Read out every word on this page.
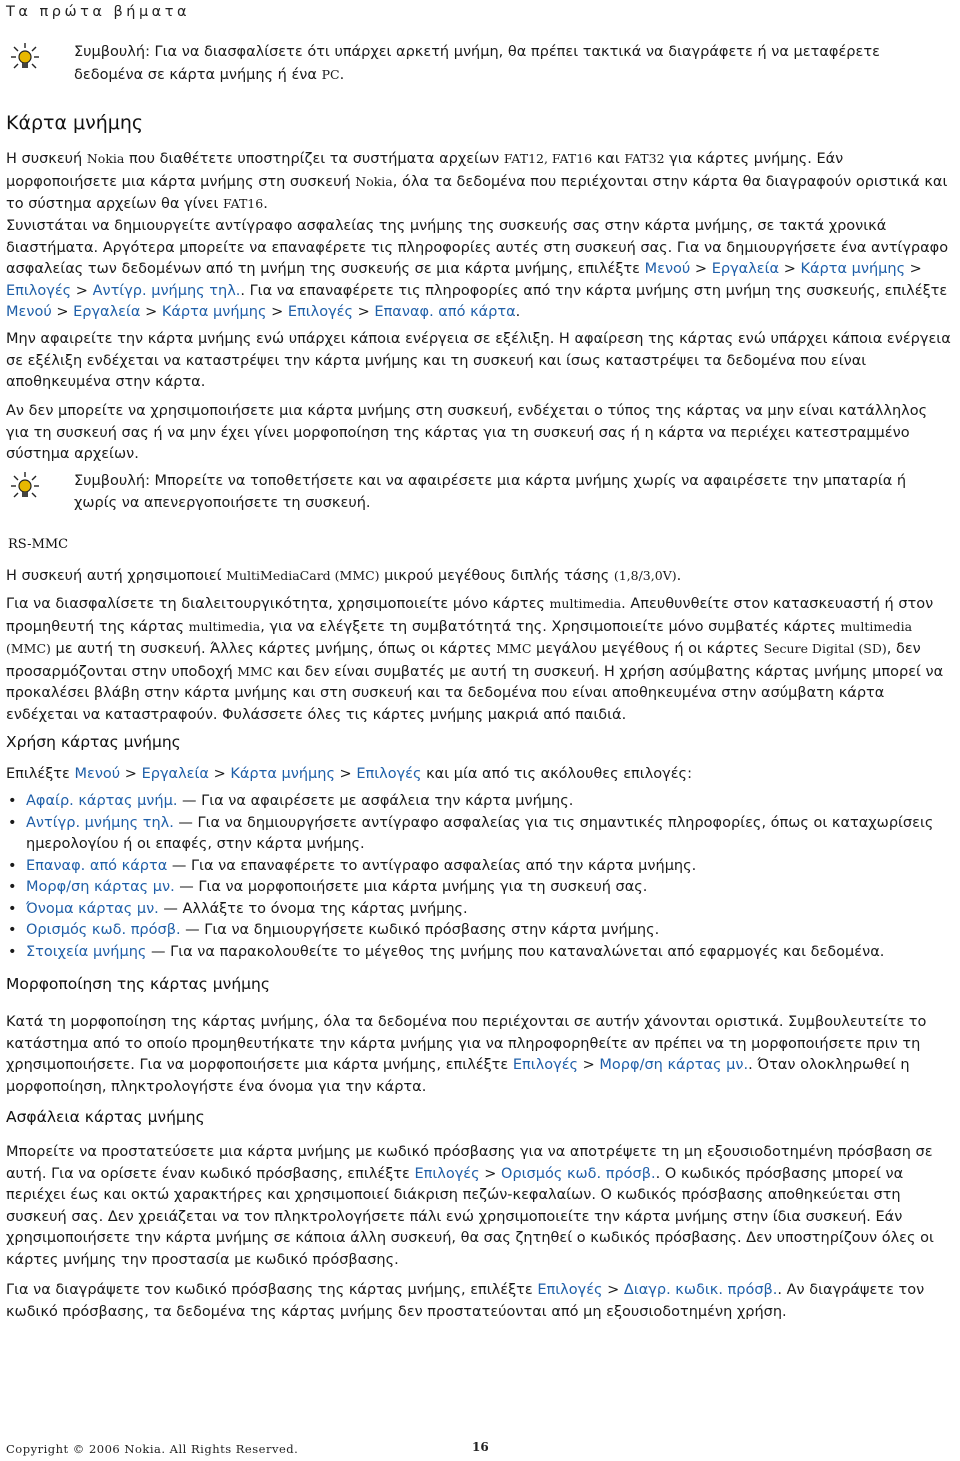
Τα πρώτα βήματα

Συμβουλή: Για να διασφαλίσετε ότι υπάρχει αρκετή μνήμη, θα πρέπει τακτικά να διαγράφετε ή να μεταφέρετε δεδομένα σε κάρτα μνήμης ή ένα PC.

Κάρτα μνήμης

Η συσκευή Nokia που διαθέτετε υποστηρίζει τα συστήματα αρχείων FAT12, FAT16 και FAT32 για κάρτες μνήμης. Εάν μορφοποιήσετε μια κάρτα μνήμης στη συσκευή Nokia, όλα τα δεδομένα που περιέχονται στην κάρτα θα διαγραφούν οριστικά και το σύστημα αρχείων θα γίνει FAT16.

Συνιστάται να δημιουργείτε αντίγραφο ασφαλείας της μνήμης της συσκευής σας στην κάρτα μνήμης, σε τακτά χρονικά διαστήματα. Αργότερα μπορείτε να επαναφέρετε τις πληροφορίες αυτές στη συσκευή σας. Για να δημιουργήσετε ένα αντίγραφο ασφαλείας των δεδομένων από τη μνήμη της συσκευής σε μια κάρτα μνήμης, επιλέξτε Μενού > Εργαλεία > Κάρτα μνήμης > Επιλογές > Αντίγρ. μνήμης τηλ.. Για να επαναφέρετε τις πληροφορίες από την κάρτα μνήμης στη μνήμη της συσκευής, επιλέξτε Μενού > Εργαλεία > Κάρτα μνήμης > Επιλογές > Επαναφ. από κάρτα.

Μην αφαιρείτε την κάρτα μνήμης ενώ υπάρχει κάποια ενέργεια σε εξέλιξη. Η αφαίρεση της κάρτας ενώ υπάρχει κάποια ενέργεια σε εξέλιξη ενδέχεται να καταστρέψει την κάρτα μνήμης και τη συσκευή και ίσως καταστρέψει τα δεδομένα που είναι αποθηκευμένα στην κάρτα.

Αν δεν μπορείτε να χρησιμοποιήσετε μια κάρτα μνήμης στη συσκευή, ενδέχεται ο τύπος της κάρτας να μην είναι κατάλληλος για τη συσκευή σας ή να μην έχει γίνει μορφοποίηση της κάρτας για τη συσκευή σας ή η κάρτα να περιέχει κατεστραμμένο σύστημα αρχείων.

Συμβουλή: Μπορείτε να τοποθετήσετε και να αφαιρέσετε μια κάρτα μνήμης χωρίς να αφαιρέσετε την μπαταρία ή χωρίς να απενεργοποιήσετε τη συσκευή.

RS-MMC

Η συσκευή αυτή χρησιμοποιεί MultiMediaCard (MMC) μικρού μεγέθους διπλής τάσης (1,8/3,0V).

Για να διασφαλίσετε τη διαλειτουργικότητα, χρησιμοποιείτε μόνο κάρτες multimedia. Απευθυνθείτε στον κατασκευαστή ή στον προμηθευτή της κάρτας multimedia, για να ελέγξετε τη συμβατότητά της. Χρησιμοποιείτε μόνο συμβατές κάρτες multimedia (MMC) με αυτή τη συσκευή. Άλλες κάρτες μνήμης, όπως οι κάρτες MMC μεγάλου μεγέθους ή οι κάρτες Secure Digital (SD), δεν προσαρμόζονται στην υποδοχή MMC και δεν είναι συμβατές με αυτή τη συσκευή. Η χρήση ασύμβατης κάρτας μνήμης μπορεί να προκαλέσει βλάβη στην κάρτα μνήμης και στη συσκευή και τα δεδομένα που είναι αποθηκευμένα στην ασύμβατη κάρτα ενδέχεται να καταστραφούν. Φυλάσσετε όλες τις κάρτες μνήμης μακριά από παιδιά.

Χρήση κάρτας μνήμης

Επιλέξτε Μενού > Εργαλεία > Κάρτα μνήμης > Επιλογές και μία από τις ακόλουθες επιλογές:

• Αφαίρ. κάρτας μνήμ. — Για να αφαιρέσετε με ασφάλεια την κάρτα μνήμης.
• Αντίγρ. μνήμης τηλ. — Για να δημιουργήσετε αντίγραφο ασφαλείας για τις σημαντικές πληροφορίες, όπως οι καταχωρίσεις ημερολογίου ή οι επαφές, στην κάρτα μνήμης.
• Επαναφ. από κάρτα — Για να επαναφέρετε το αντίγραφο ασφαλείας από την κάρτα μνήμης.
• Μορφ/ση κάρτας μν. — Για να μορφοποιήσετε μια κάρτα μνήμης για τη συσκευή σας.
• Όνομα κάρτας μν. — Αλλάξτε το όνομα της κάρτας μνήμης.
• Ορισμός κωδ. πρόσβ. — Για να δημιουργήσετε κωδικό πρόσβασης στην κάρτα μνήμης.
• Στοιχεία μνήμης — Για να παρακολουθείτε το μέγεθος της μνήμης που καταναλώνεται από εφαρμογές και δεδομένα.
Μορφοποίηση της κάρτας μνήμης

Κατά τη μορφοποίηση της κάρτας μνήμης, όλα τα δεδομένα που περιέχονται σε αυτήν χάνονται οριστικά. Συμβουλευτείτε το κατάστημα από το οποίο προμηθευτήκατε την κάρτα μνήμης για να πληροφορηθείτε αν πρέπει να τη μορφοποιήσετε πριν τη χρησιμοποιήσετε. Για να μορφοποιήσετε μια κάρτα μνήμης, επιλέξτε Επιλογές > Μορφ/ση κάρτας μν.. Όταν ολοκληρωθεί η μορφοποίηση, πληκτρολογήστε ένα όνομα για την κάρτα.

Ασφάλεια κάρτας μνήμης

Μπορείτε να προστατεύσετε μια κάρτα μνήμης με κωδικό πρόσβασης για να αποτρέψετε τη μη εξουσιοδοτημένη πρόσβαση σε αυτή. Για να ορίσετε έναν κωδικό πρόσβασης, επιλέξτε Επιλογές > Ορισμός κωδ. πρόσβ.. Ο κωδικός πρόσβασης μπορεί να περιέχει έως και οκτώ χαρακτήρες και χρησιμοποιεί διάκριση πεζών-κεφαλαίων. Ο κωδικός πρόσβασης αποθηκεύεται στη συσκευή σας. Δεν χρειάζεται να τον πληκτρολογήσετε πάλι ενώ χρησιμοποιείτε την κάρτα μνήμης στην ίδια συσκευή. Εάν χρησιμοποιήσετε την κάρτα μνήμης σε κάποια άλλη συσκευή, θα σας ζητηθεί ο κωδικός πρόσβασης. Δεν υποστηρίζουν όλες οι κάρτες μνήμης την προστασία με κωδικό πρόσβασης.

Για να διαγράψετε τον κωδικό πρόσβασης της κάρτας μνήμης, επιλέξτε Επιλογές > Διαγρ. κωδικ. πρόσβ.. Αν διαγράψετε τον κωδικό πρόσβασης, τα δεδομένα της κάρτας μνήμης δεν προστατεύονται από μη εξουσιοδοτημένη χρήση.

Copyright © 2006 Nokia. All Rights Reserved.	16
